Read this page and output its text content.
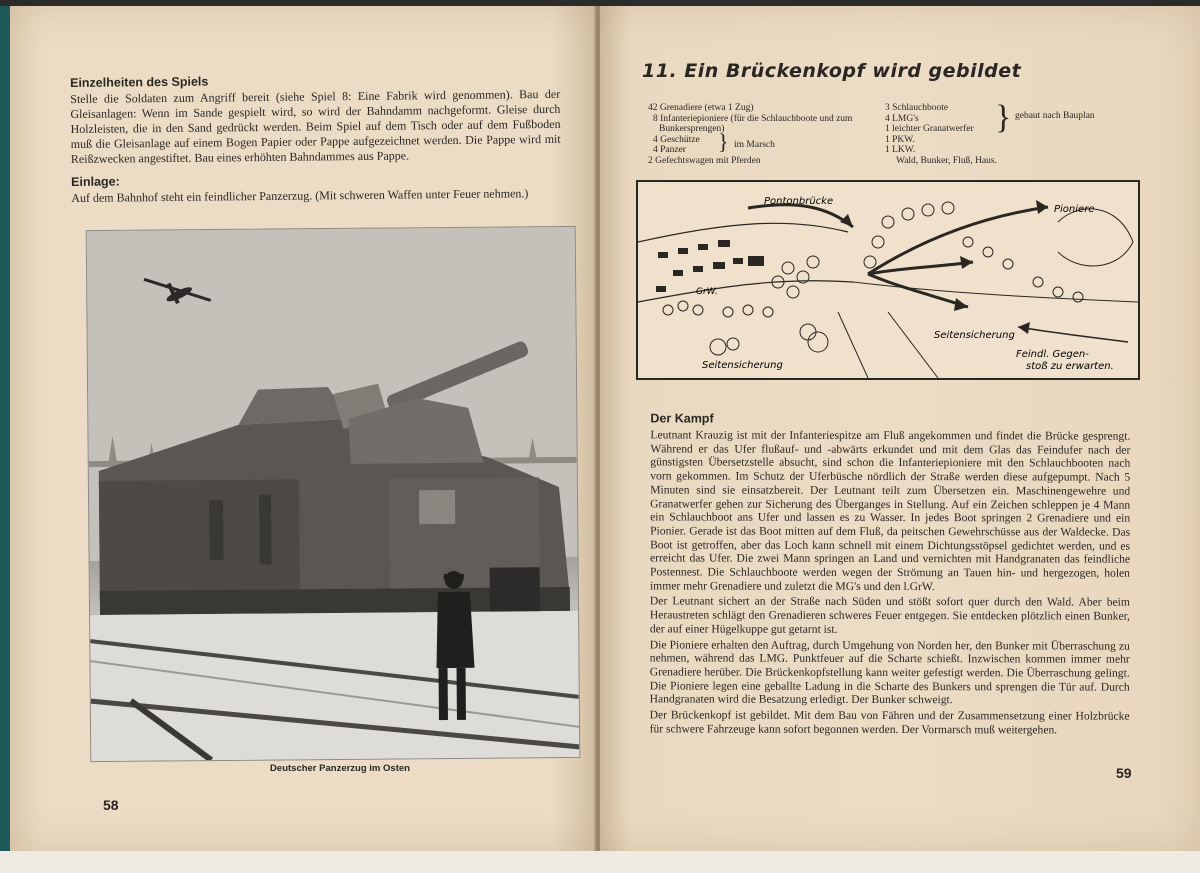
Einzelheiten des Spiels

Stelle die Soldaten zum Angriff bereit (siehe Spiel 8: Eine Fabrik wird genommen). Bau der Gleisanlagen: Wenn im Sande gespielt wird, so wird der Bahndamm nachgeformt. Gleise durch Holzleisten, die in den Sand gedrückt werden. Beim Spiel auf dem Tisch oder auf dem Fußboden muß die Gleisanlage auf einem Bogen Papier oder Pappe aufgezeichnet werden. Die Pappe wird mit Reißzwecken angestiftet. Bau eines erhöhten Bahndammes aus Pappe.

Einlage:

Auf dem Bahnhof steht ein feindlicher Panzerzug. (Mit schweren Waffen unter Feuer nehmen.)

Deutscher Panzerzug im Osten
58
11. Ein Brückenkopf wird gebildet
42 Grenadiere (etwa 1 Zug)
8 Infanteriepioniere (für die Schlauchboote und zum
Bunkersprengen)
4 Geschütze
4 Panzer
2 Gefechtswagen mit Pferden
} im Marsch
3 Schlauchboote
4 LMG's
1 leichter Granatwerfer
1 PKW.
1 LKW.
Wald, Bunker, Fluß, Haus.
} gebaut nach Bauplan
Pontonbrücke
Pioniere
GrW.
Seitensicherung
Seitensicherung
Feindl. Gegen-
stoß zu erwarten.
Der Kampf

Leutnant Krauzig ist mit der Infanteriespitze am Fluß angekommen und findet die Brücke gesprengt. Während er das Ufer flußauf- und -abwärts erkundet und mit dem Glas das Feindufer nach der günstigsten Übersetzstelle absucht, sind schon die Infanteriepioniere mit den Schlauchbooten nach vorn gekommen. Im Schutz der Uferbüsche nördlich der Straße werden diese aufgepumpt. Nach 5 Minuten sind sie einsatzbereit. Der Leutnant teilt zum Übersetzen ein. Maschinengewehre und Granatwerfer gehen zur Sicherung des Überganges in Stellung. Auf ein Zeichen schleppen je 4 Mann ein Schlauchboot ans Ufer und lassen es zu Wasser. In jedes Boot springen 2 Grenadiere und ein Pionier. Gerade ist das Boot mitten auf dem Fluß, da peitschen Gewehrschüsse aus der Waldecke. Das Boot ist getroffen, aber das Loch kann schnell mit einem Dichtungsstöpsel gedichtet werden, und es erreicht das Ufer. Die zwei Mann springen an Land und vernichten mit Handgranaten das feindliche Postennest. Die Schlauchboote werden wegen der Strömung an Tauen hin- und hergezogen, holen immer mehr Grenadiere und zuletzt die MG's und den l.GrW.

Der Leutnant sichert an der Straße nach Süden und stößt sofort quer durch den Wald. Aber beim Heraustreten schlägt den Grenadieren schweres Feuer entgegen. Sie entdecken plötzlich einen Bunker, der auf einer Hügelkuppe gut getarnt ist.

Die Pioniere erhalten den Auftrag, durch Umgehung von Norden her, den Bunker mit Überraschung zu nehmen, während das LMG. Punktfeuer auf die Scharte schießt. Inzwischen kommen immer mehr Grenadiere herüber. Die Brückenkopfstellung kann weiter gefestigt werden. Die Überraschung gelingt. Die Pioniere legen eine geballte Ladung in die Scharte des Bunkers und sprengen die Tür auf. Durch Handgranaten wird die Besatzung erledigt. Der Bunker schweigt.

Der Brückenkopf ist gebildet. Mit dem Bau von Fähren und der Zusammensetzung einer Holzbrücke für schwere Fahrzeuge kann sofort begonnen werden. Der Vormarsch muß weitergehen.

59
